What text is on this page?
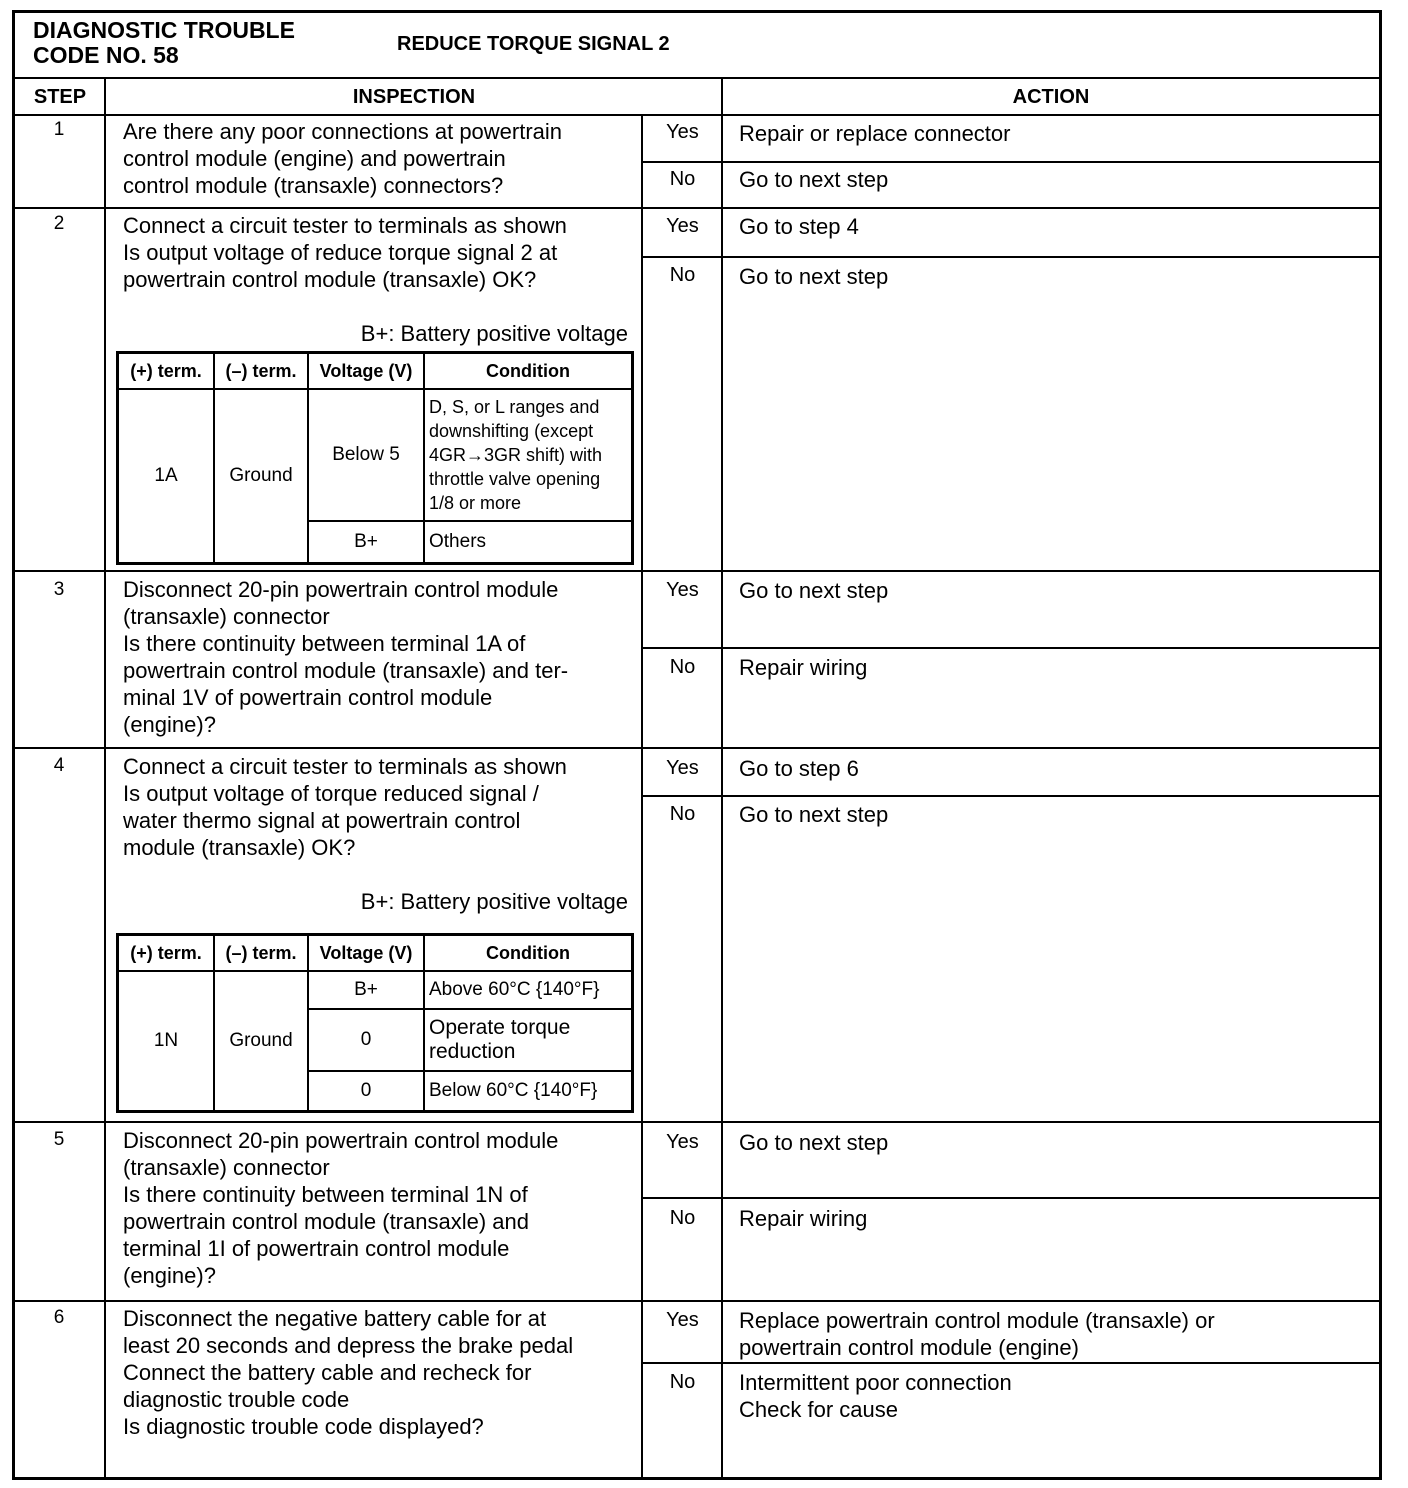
DIAGNOSTIC TROUBLE CODE NO. 58	REDUCE TORQUE SIGNAL 2
STEP	INSPECTION	ACTION
1	Are there any poor connections at powertrain
control module (engine) and powertrain
control module (transaxle) connectors?
Yes	Repair or replace connector
No	Go to next step
2	Connect a circuit tester to terminals as shown
Is output voltage of reduce torque signal 2 at
powertrain control module (transaxle) OK?
B+: Battery positive voltage
(+) term.	(–) term.	Voltage (V)	Condition
1A	Ground	Below 5	D, S, or L ranges and downshifting (except 4GR→3GR shift) with throttle valve opening 1/8 or more
		B+	Others
Yes	Go to step 4
No	Go to next step
3	Disconnect 20-pin powertrain control module
(transaxle) connector
Is there continuity between terminal 1A of
powertrain control module (transaxle) and ter-
minal 1V of powertrain control module
(engine)?
Yes	Go to next step
No	Repair wiring
4	Connect a circuit tester to terminals as shown
Is output voltage of torque reduced signal /
water thermo signal at powertrain control
module (transaxle) OK?
B+: Battery positive voltage
(+) term.	(–) term.	Voltage (V)	Condition
1N	Ground	B+	Above 60°C {140°F}
		0	Operate torque reduction
		0	Below 60°C {140°F}
Yes	Go to step 6
No	Go to next step
5	Disconnect 20-pin powertrain control module
(transaxle) connector
Is there continuity between terminal 1N of
powertrain control module (transaxle) and
terminal 1I of powertrain control module
(engine)?
Yes	Go to next step
No	Repair wiring
6	Disconnect the negative battery cable for at
least 20 seconds and depress the brake pedal
Connect the battery cable and recheck for
diagnostic trouble code
Is diagnostic trouble code displayed?
Yes	Replace powertrain control module (transaxle) or
powertrain control module (engine)
No	Intermittent poor connection
Check for cause
